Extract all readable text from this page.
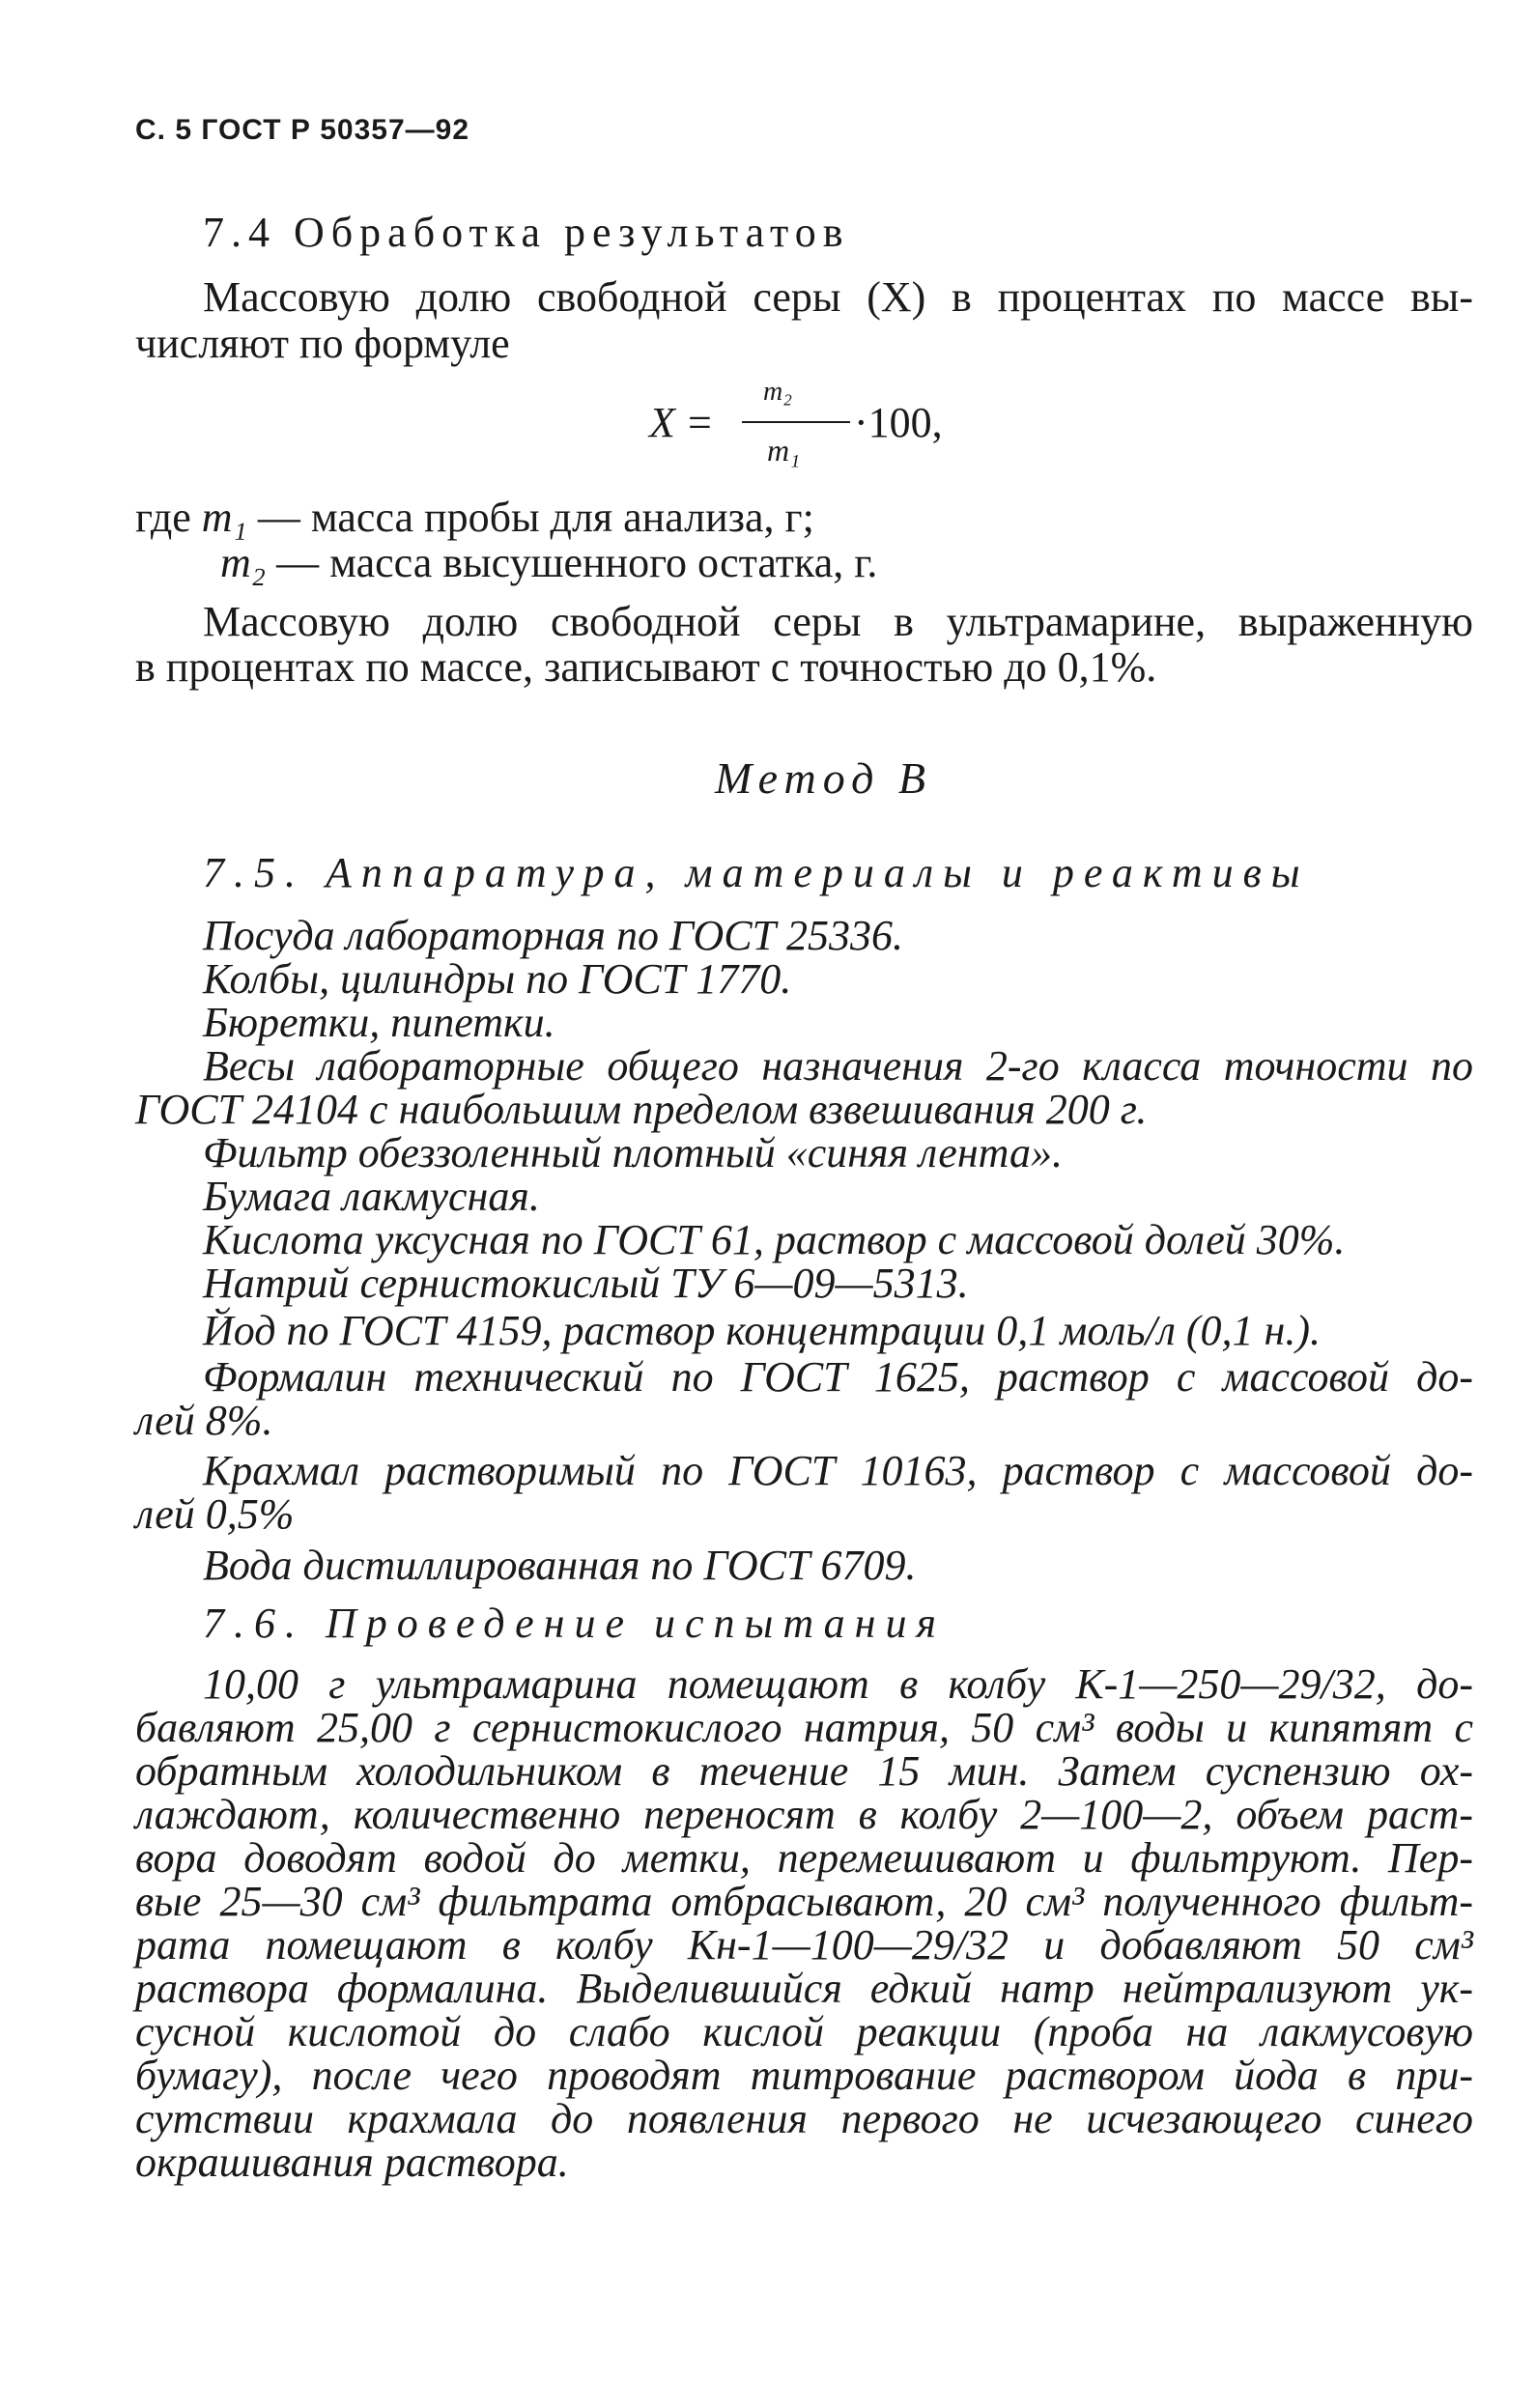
С. 5 ГОСТ Р 50357—92
7.4 Обработка результатов
Массовую долю свободной серы (X) в процентах по массе вы-
числяют по формуле
X =
m₂
m₁
·100,
где m₁ — масса пробы для анализа, г;
m₂ — масса высушенного остатка, г.
Массовую долю свободной серы в ультрамарине, выраженную
в процентах по массе, записывают с точностью до 0,1%.
Метод В
7.5. Аппаратура, материалы и реактивы
Посуда лабораторная по ГОСТ 25336.
Колбы, цилиндры по ГОСТ 1770.
Бюретки, пипетки.
Весы лабораторные общего назначения 2-го класса точности по
ГОСТ 24104 с наибольшим пределом взвешивания 200 г.
Фильтр обеззоленный плотный «синяя лента».
Бумага лакмусная.
Кислота уксусная по ГОСТ 61, раствор с массовой долей 30%.
Натрий сернистокислый ТУ 6—09—5313.
Йод по ГОСТ 4159, раствор концентрации 0,1 моль/л (0,1 н.).
Формалин технический по ГОСТ 1625, раствор с массовой до-
лей 8%.
Крахмал растворимый по ГОСТ 10163, раствор с массовой до-
лей 0,5%
Вода дистиллированная по ГОСТ 6709.
7.6. Проведение испытания
10,00 г ультрамарина помещают в колбу К-1—250—29/32, до-
бавляют 25,00 г сернистокислого натрия, 50 см³ воды и кипятят с
обратным холодильником в течение 15 мин. Затем суспензию ох-
лаждают, количественно переносят в колбу 2—100—2, объем раст-
вора доводят водой до метки, перемешивают и фильтруют. Пер-
вые 25—30 см³ фильтрата отбрасывают, 20 см³ полученного фильт-
рата помещают в колбу Кн-1—100—29/32 и добавляют 50 см³
раствора формалина. Выделившийся едкий натр нейтрализуют ук-
сусной кислотой до слабо кислой реакции (проба на лакмусовую
бумагу), после чего проводят титрование раствором йода в при-
сутствии крахмала до появления первого не исчезающего синего
окрашивания раствора.
